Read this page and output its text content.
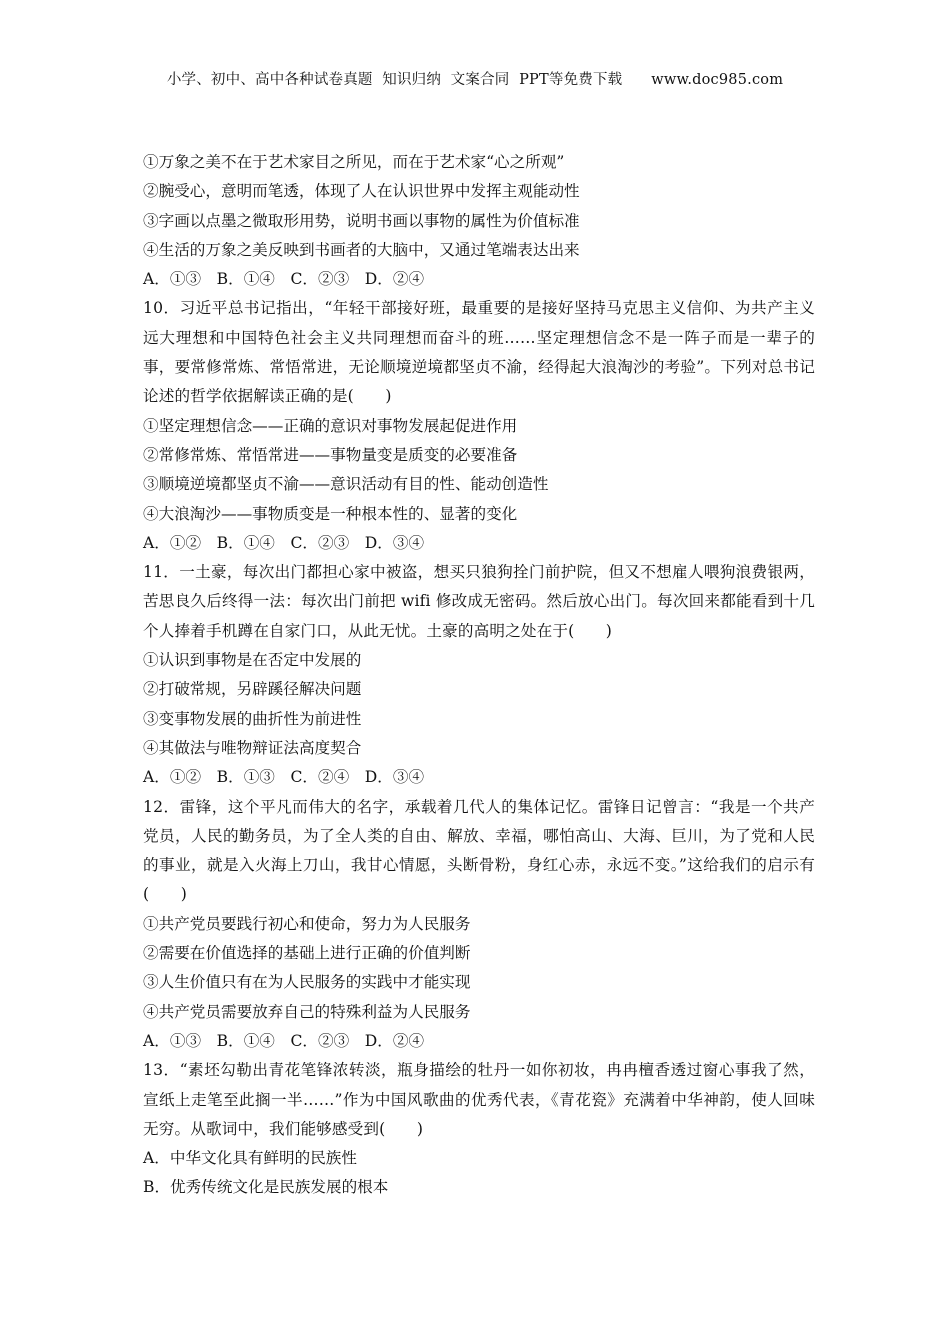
小学、初中、高中各种试卷真题  知识归纳  文案合同  PPT等免费下载      www.doc985.com
①万象之美不在于艺术家目之所见，而在于艺术家“心之所观”
②腕受心，意明而笔透，体现了人在认识世界中发挥主观能动性
③字画以点墨之微取形用势，说明书画以事物的属性为价值标准
④生活的万象之美反映到书画者的大脑中，又通过笔端表达出来
A．①③　B．①④　C．②③　D．②④
10．习近平总书记指出，“年轻干部接好班，最重要的是接好坚持马克思主义信仰、为共产主义远大理想和中国特色社会主义共同理想而奋斗的班……坚定理想信念不是一阵子而是一辈子的事，要常修常炼、常悟常进，无论顺境逆境都坚贞不渝，经得起大浪淘沙的考验”。下列对总书记论述的哲学依据解读正确的是(　　)
①坚定理想信念——正确的意识对事物发展起促进作用
②常修常炼、常悟常进——事物量变是质变的必要准备
③顺境逆境都坚贞不渝——意识活动有目的性、能动创造性
④大浪淘沙——事物质变是一种根本性的、显著的变化
A．①②　B．①④　C．②③　D．③④
11．一土豪，每次出门都担心家中被盗，想买只狼狗拴门前护院，但又不想雇人喂狗浪费银两，苦思良久后终得一法：每次出门前把 wifi 修改成无密码。然后放心出门。每次回来都能看到十几个人捧着手机蹲在自家门口，从此无忧。土豪的高明之处在于(　　)
①认识到事物是在否定中发展的
②打破常规，另辟蹊径解决问题
③变事物发展的曲折性为前进性
④其做法与唯物辩证法高度契合
A．①②　B．①③　C．②④　D．③④
12．雷锋，这个平凡而伟大的名字，承载着几代人的集体记忆。雷锋日记曾言：“我是一个共产党员，人民的勤务员，为了全人类的自由、解放、幸福，哪怕高山、大海、巨川，为了党和人民的事业，就是入火海上刀山，我甘心情愿，头断骨粉，身红心赤，永远不变。”这给我们的启示有(　　)
①共产党员要践行初心和使命，努力为人民服务
②需要在价值选择的基础上进行正确的价值判断
③人生价值只有在为人民服务的实践中才能实现
④共产党员需要放弃自己的特殊利益为人民服务
A．①③　B．①④　C．②③　D．②④
13．“素坯勾勒出青花笔锋浓转淡，瓶身描绘的牡丹一如你初妆，冉冉檀香透过窗心事我了然，宣纸上走笔至此搁一半……”作为中国风歌曲的优秀代表，《青花瓷》充满着中华神韵，使人回味无穷。从歌词中，我们能够感受到(　　)
A．中华文化具有鲜明的民族性
B．优秀传统文化是民族发展的根本
